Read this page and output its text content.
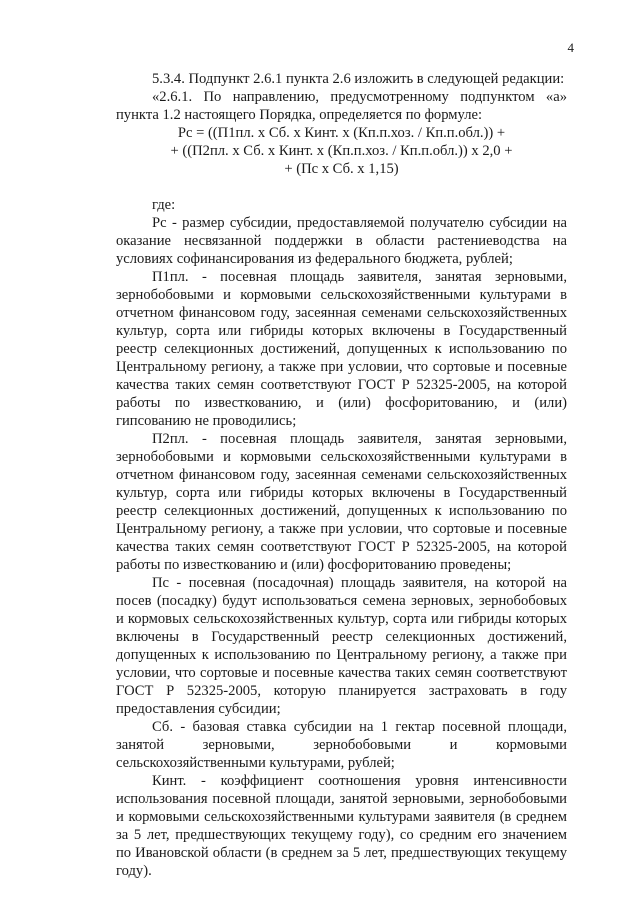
4

5.3.4. Подпункт 2.6.1 пункта 2.6 изложить в следующей редакции:

«2.6.1. По направлению, предусмотренному подпунктом «а» пункта 1.2 настоящего Порядка, определяется по формуле:

Рс = ((П1пл. х Сб. х Кинт. х (Кп.п.хоз. / Кп.п.обл.)) +

+ ((П2пл. х Сб. х Кинт. х (Кп.п.хоз. / Кп.п.обл.)) х 2,0 +

+ (Пс х Сб. х 1,15)

где:

Рс - размер субсидии, предоставляемой получателю субсидии на оказание несвязанной поддержки в области растениеводства на условиях софинансирования из федерального бюджета, рублей;

П1пл. - посевная площадь заявителя, занятая зерновыми, зернобобовыми и кормовыми сельскохозяйственными культурами в отчетном финансовом году, засеянная семенами сельскохозяйственных культур, сорта или гибриды которых включены в Государственный реестр селекционных достижений, допущенных к использованию по Центральному региону, а также при условии, что сортовые и посевные качества таких семян соответствуют ГОСТ Р 52325-2005, на которой работы по известкованию, и (или) фосфоритованию, и (или) гипсованию не проводились;

П2пл. - посевная площадь заявителя, занятая зерновыми, зернобобовыми и кормовыми сельскохозяйственными культурами в отчетном финансовом году, засеянная семенами сельскохозяйственных культур, сорта или гибриды которых включены в Государственный реестр селекционных достижений, допущенных к использованию по Центральному региону, а также при условии, что сортовые и посевные качества таких семян соответствуют ГОСТ Р 52325-2005, на которой работы по известкованию и (или) фосфоритованию проведены;

Пс - посевная (посадочная) площадь заявителя, на которой на посев (посадку) будут использоваться семена зерновых, зернобобовых и кормовых сельскохозяйственных культур, сорта или гибриды которых включены в Государственный реестр селекционных достижений, допущенных к использованию по Центральному региону, а также при условии, что сортовые и посевные качества таких семян соответствуют ГОСТ Р 52325-2005, которую планируется застраховать в году предоставления субсидии;

Сб. - базовая ставка субсидии на 1 гектар посевной площади, занятой зерновыми, зернобобовыми и кормовыми сельскохозяйственными культурами, рублей;

Кинт. - коэффициент соотношения уровня интенсивности использования посевной площади, занятой зерновыми, зернобобовыми и кормовыми сельскохозяйственными культурами заявителя (в среднем за 5 лет, предшествующих текущему году), со средним его значением по Ивановской области (в среднем за 5 лет, предшествующих текущему году).
